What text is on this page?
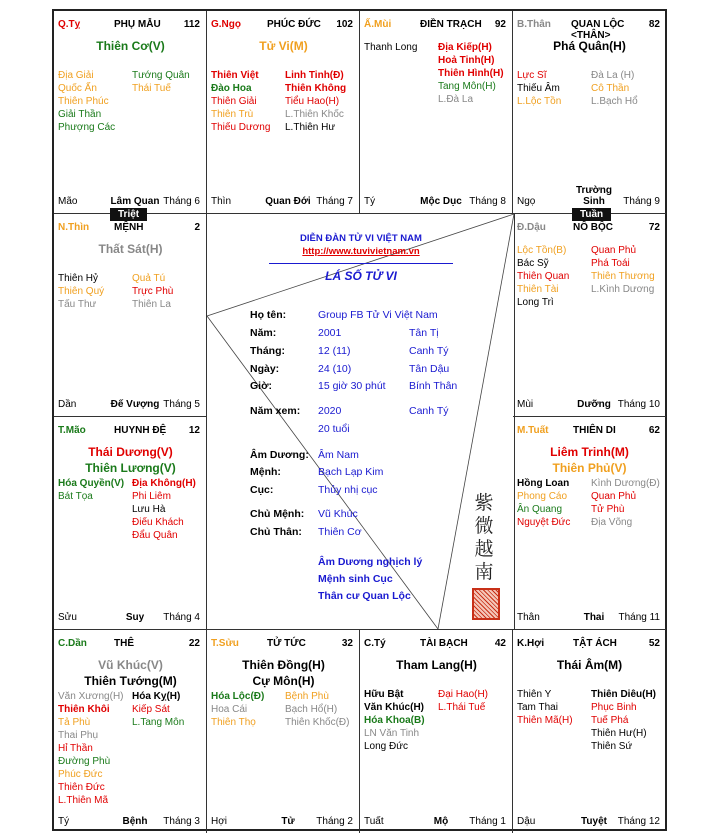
Q.Tỵ	PHỤ MẪU 112
Thiên Cơ(V)
Địa Giải
Quốc Ấn
Thiên Phúc
Giải Thần
Phượng Các
Tướng Quân
Thái Tuế
Mão	Lâm Quan Tháng 6
G.Ngọ	PHÚC ĐỨC 102
Tử Vi(M)
Thiên Việt
Đào Hoa
Thiên Giải
Thiên Trù
Thiếu Dương
Linh Tinh(Đ)
Thiên Không
Tiểu Hao(H)
L.Thiên Khốc
L.Thiên Hư
Thìn	Quan Đới Tháng 7
Ấ.Mùi	ĐIỀN TRẠCH 92
Thanh Long Địa Kiếp(H)
Hoả Tinh(H)
Thiên Hình(H)
Tang Môn(H)
L.Đà La
Tý	Mộc Dục Tháng 8
B.Thân QUAN LỘC <THÂN>
82
Phá Quân(H)
Lực Sĩ
Thiếu Âm
L.Lộc Tồn
Đà La (H)
Cô Thần
L.Bạch Hổ
Ngọ
Trường Sinh	Tháng 9
N.Thìn MỆNH	2
Thất Sát(H)
Thiên Hỷ
Thiên Quý
Tấu Thư
Quả Tú
Trực Phù
Thiên La
Dần	Đế Vượng Tháng 5
Đ.Dậu	NÔ BỘC	72
Lộc Tồn(B)
Bác Sỹ
Thiên Quan
Thiên Tài
Long Trì
Quan Phủ
Phá Toái
Thiên Thương
L.Kình Dương
Mùi	Dưỡng Tháng 10
T.Mão	HUYNH ĐỆ 12
Thái Dương(V)
Thiên Lương(V)
Hóa Quyền(V)
Bát Tọa
Địa Không(H)
Phi Liêm
Lưu Hà
Điếu Khách
Đẩu Quân
Sửu	Suy	Tháng 4
M.Tuất THIÊN DI	62
Liêm Trinh(M)
Thiên Phủ(V)
Hồng Loan
Phong Cáo
Ân Quang
Nguyệt Đức
Kình Dương(Đ)
Quan Phủ
Tử Phù
Địa Võng
Thân	Thai	Tháng 11
C.Dần	THÊ	22
Vũ Khúc(V)
Thiên Tướng(M)
Văn Xương(H)
Thiên Khôi
Tả Phù
Thai Phụ
Hỉ Thần
Đường Phù
Phúc Đức
Thiên Đức
L.Thiên Mã
Hóa Kỵ(H)
Kiếp Sát
L.Tang Môn
Tý	Bệnh	Tháng 3
T.Sửu	TỬ TỨC	32
Thiên Đồng(H)
Cự Môn(H)
Hóa Lộc(Đ)
Hoa Cái
Thiên Thọ
Bệnh Phù
Bạch Hổ(H)
Thiên Khốc(Đ)
Hợi	Tử	Tháng 2
C.Tý	TÀI BẠCH	42
Tham Lang(H)
Hữu Bật
Văn Khúc(H)
Hóa Khoa(B)
LN Văn Tinh
Long Đức
Đại Hao(H)
L.Thái Tuế
Tuất	Mộ	Tháng 1
K.Hợi	TẬT ÁCH	52
Thái Âm(M)
Thiên Y
Tam Thai
Thiên Mã(H)
Thiên Diêu(H)
Phục Binh
Tuế Phá
Thiên Hư(H)
Thiên Sứ
Dậu	Tuyệt	Tháng 12
DIỄN ĐÀN TỬ VI VIỆT NAM
http://www.tuvivietnam.vn
LÁ SỐ TỬ VI
Họ tên:	Group FB Tử Vi Việt Nam
Năm:	2001	Tân Tị
Tháng:	12 (11)	Canh Tý
Ngày:	24 (10)	Tân Dậu
Giờ:	15 giờ 30 phút Bính Thân
Năm xem: 2020	Canh Tý
20 tuổi
Âm Dương: Âm Nam
Mệnh:	Bạch Lạp Kim
Cục:	Thủy nhị cục
Chủ Mệnh: Vũ Khúc
Chủ Thân: Thiên Cơ
Âm Dương nghịch lý
Mệnh sinh Cục
Thân cư Quan Lộc
紫
微
越
南
Triệt	Tuần
